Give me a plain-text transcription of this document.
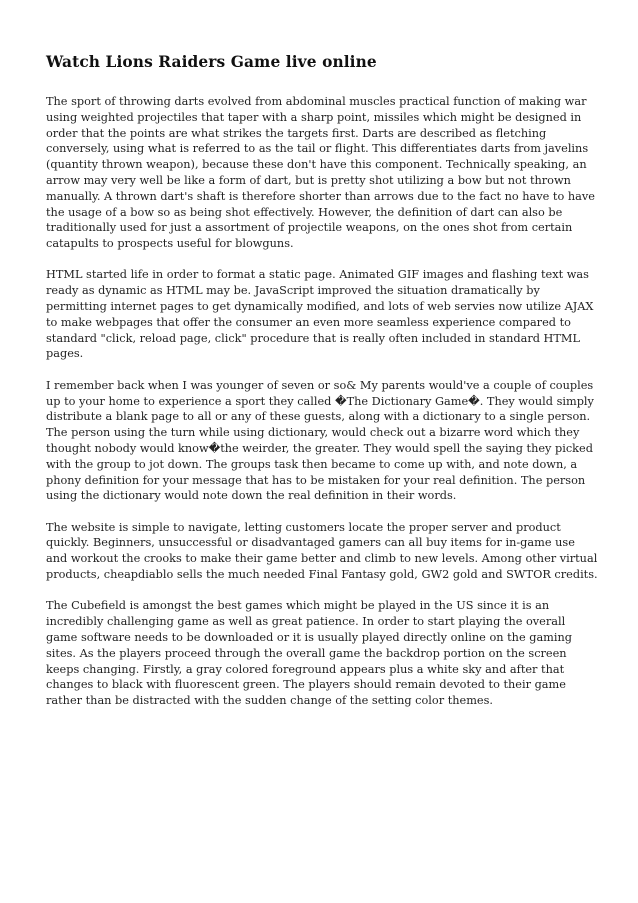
Watch Lions Raiders Game live online

The sport of throwing darts evolved from abdominal muscles practical function of making war using weighted projectiles that taper with a sharp point, missiles which might be designed in order that the points are what strikes the targets first. Darts are described as fletching conversely, using what is referred to as the tail or flight. This differentiates darts from javelins (quantity thrown weapon), because these don't have this component. Technically speaking, an arrow may very well be like a form of dart, but is pretty shot utilizing a bow but not thrown manually. A thrown dart's shaft is therefore shorter than arrows due to the fact no have to have the usage of a bow so as being shot effectively. However, the definition of dart can also be traditionally used for just a assortment of projectile weapons, on the ones shot from certain catapults to prospects useful for blowguns.

HTML started life in order to format a static page. Animated GIF images and flashing text was ready as dynamic as HTML may be. JavaScript improved the situation dramatically by permitting internet pages to get dynamically modified, and lots of web servies now utilize AJAX to make webpages that offer the consumer an even more seamless experience compared to standard "click, reload page, click" procedure that is really often included in standard HTML pages.

I remember back when I was younger of seven or so& My parents would've a couple of couples up to your home to experience a sport they called �The Dictionary Game�. They would simply distribute a blank page to all or any of these guests, along with a dictionary to a single person. The person using the turn while using dictionary, would check out a bizarre word which they thought nobody would know�the weirder, the greater. They would spell the saying they picked with the group to jot down. The groups task then became to come up with, and note down, a phony definition for your message that has to be mistaken for your real definition. The person using the dictionary would note down the real definition in their words.

The website is simple to navigate, letting customers locate the proper server and product quickly. Beginners, unsuccessful or disadvantaged gamers can all buy items for in-game use and workout the crooks to make their game better and climb to new levels. Among other virtual products, cheapdiablo sells the much needed Final Fantasy gold, GW2 gold and SWTOR credits.

The Cubefield is amongst the best games which might be played in the US since it is an incredibly challenging game as well as great patience. In order to start playing the overall game software needs to be downloaded or it is usually played directly online on the gaming sites. As the players proceed through the overall game the backdrop portion on the screen keeps changing. Firstly, a gray colored foreground appears plus a white sky and after that changes to black with fluorescent green. The players should remain devoted to their game rather than be distracted with the sudden change of the setting color themes.
